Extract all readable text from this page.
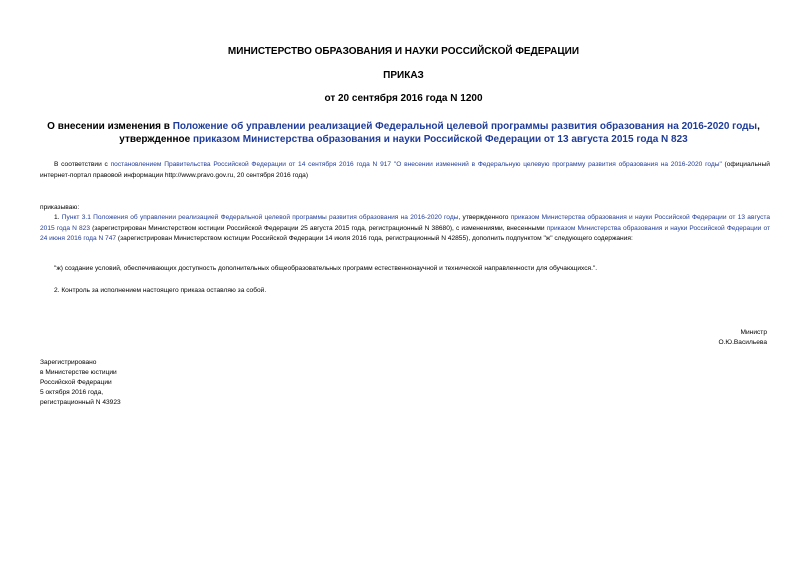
МИНИСТЕРСТВО ОБРАЗОВАНИЯ И НАУКИ РОССИЙСКОЙ ФЕДЕРАЦИИ
ПРИКАЗ
от 20 сентября 2016 года N 1200
О внесении изменения в Положение об управлении реализацией Федеральной целевой программы развития образования на 2016-2020 годы, утвержденное приказом Министерства образования и науки Российской Федерации от 13 августа 2015 года N 823
В соответствии с постановлением Правительства Российской Федерации от 14 сентября 2016 года N 917 "О внесении изменений в Федеральную целевую программу развития образования на 2016-2020 годы" (официальный интернет-портал правовой информации http://www.pravo.gov.ru, 20 сентября 2016 года)
приказываю:
1. Пункт 3.1 Положения об управлении реализацией Федеральной целевой программы развития образования на 2016-2020 годы, утвержденного приказом Министерства образования и науки Российской Федерации от 13 августа 2015 года N 823 (зарегистрирован Министерством юстиции Российской Федерации 25 августа 2015 года, регистрационный N 38680), с изменениями, внесенными приказом Министерства образования и науки Российской Федерации от 24 июня 2016 года N 747 (зарегистрирован Министерством юстиции Российской Федерации 14 июля 2016 года, регистрационный N 42855), дополнить подпунктом "ж" следующего содержания:
"ж) создание условий, обеспечивающих доступность дополнительных общеобразовательных программ естественнонаучной и технической направленности для обучающихся.".
2. Контроль за исполнением настоящего приказа оставляю за собой.
Министр
О.Ю.Васильева
Зарегистрировано
в Министерстве юстиции
Российской Федерации
5 октября 2016 года,
регистрационный N 43923
